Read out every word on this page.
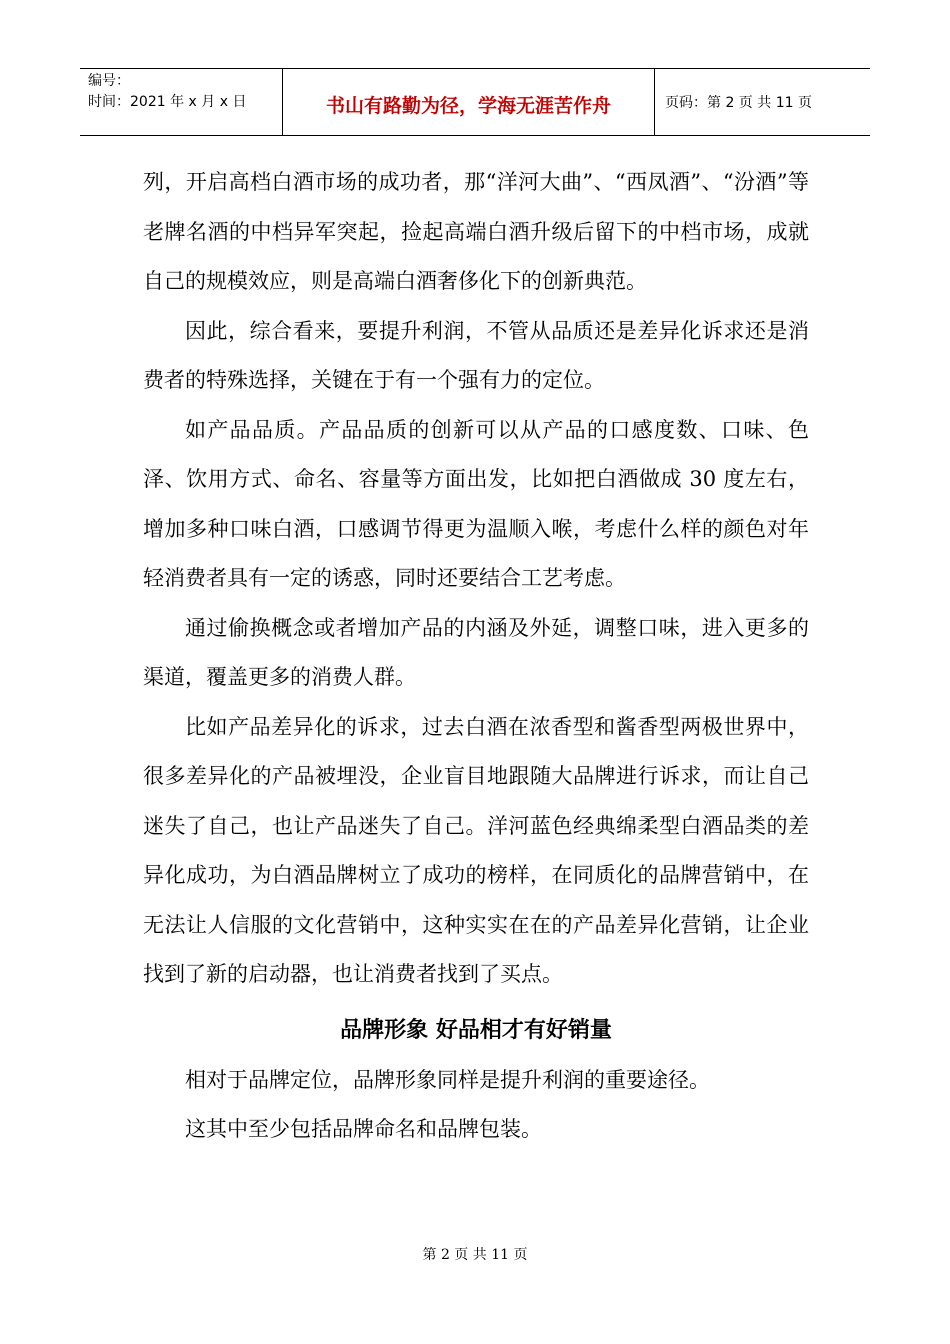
编号：
时间：2021 年 x 月 x 日	书山有路勤为径，学海无涯苦作舟	页码：第 2 页 共 11 页

列，开启高档白酒市场的成功者，那“洋河大曲”、“西凤酒”、“汾酒”等老牌名酒的中档异军突起，捡起高端白酒升级后留下的中档市场，成就自己的规模效应，则是高端白酒奢侈化下的创新典范。

因此，综合看来，要提升利润，不管从品质还是差异化诉求还是消费者的特殊选择，关键在于有一个强有力的定位。

如产品品质。产品品质的创新可以从产品的口感度数、口味、色泽、饮用方式、命名、容量等方面出发，比如把白酒做成 30 度左右，增加多种口味白酒，口感调节得更为温顺入喉，考虑什么样的颜色对年轻消费者具有一定的诱惑，同时还要结合工艺考虑。

通过偷换概念或者增加产品的内涵及外延，调整口味，进入更多的渠道，覆盖更多的消费人群。

比如产品差异化的诉求，过去白酒在浓香型和酱香型两极世界中，很多差异化的产品被埋没，企业盲目地跟随大品牌进行诉求，而让自己迷失了自己，也让产品迷失了自己。洋河蓝色经典绵柔型白酒品类的差异化成功，为白酒品牌树立了成功的榜样，在同质化的品牌营销中，在无法让人信服的文化营销中，这种实实在在的产品差异化营销，让企业找到了新的启动器，也让消费者找到了买点。

品牌形象 好品相才有好销量

相对于品牌定位，品牌形象同样是提升利润的重要途径。

这其中至少包括品牌命名和品牌包装。

第 2 页 共 11 页
